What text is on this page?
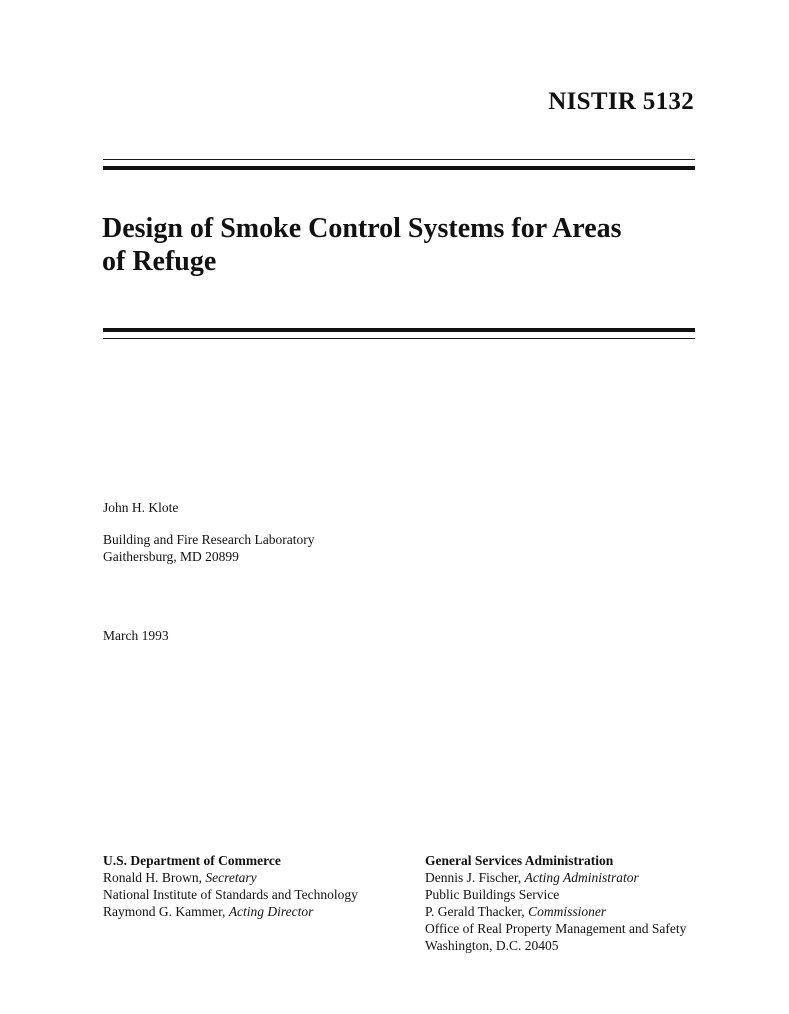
NISTIR 5132
Design of Smoke Control Systems for Areas
of Refuge
John H. Klote
Building and Fire Research Laboratory
Gaithersburg, MD 20899
March 1993
U.S. Department of Commerce
Ronald H. Brown, Secretary
National Institute of Standards and Technology
Raymond G. Kammer, Acting Director
General Services Administration
Dennis J. Fischer, Acting Administrator
Public Buildings Service
P. Gerald Thacker, Commissioner
Office of Real Property Management and Safety
Washington, D.C. 20405
